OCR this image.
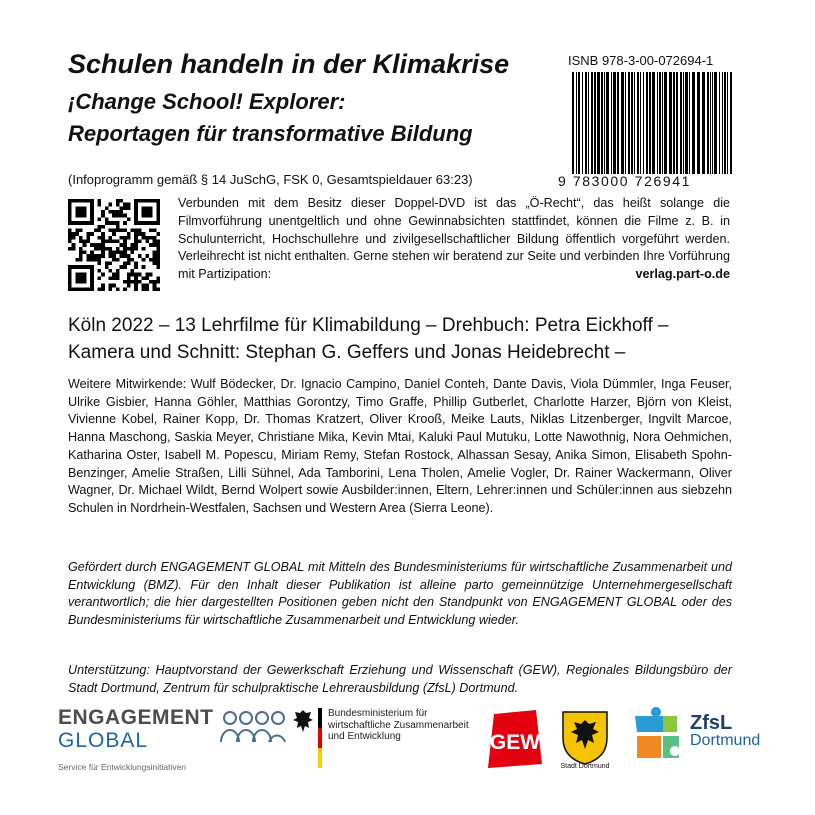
Schulen handeln in der Klimakrise
¡Change School! Explorer:
Reportagen für transformative Bildung
(Infoprogramm gemäß § 14 JuSchG, FSK 0, Gesamtspieldauer 63:23)
ISNB 978-3-00-072694-1
9 783000 726941
Verbunden mit dem Besitz dieser Doppel-DVD ist das „Ö-Recht“, das heißt solange die Filmvorführung unentgeltlich und ohne Gewinnabsichten stattfindet, können die Filme z. B. in Schulunterricht, Hochschullehre und zivilgesellschaftlicher Bildung öffentlich vorgeführt werden. Verleihrecht ist nicht enthalten. Gerne stehen wir beratend zur Seite und verbinden Ihre Vorführung mit Partizipation:	verlag.part-o.de
Köln 2022 – 13 Lehrfilme für Klimabildung – Drehbuch: Petra Eickhoff –
Kamera und Schnitt: Stephan G. Geffers und Jonas Heidebrecht –
Weitere Mitwirkende: Wulf Bödecker, Dr. Ignacio Campino, Daniel Conteh, Dante Davis, Viola Dümmler, Inga Feuser, Ulrike Gisbier, Hanna Göhler, Matthias Gorontzy, Timo Graffe, Phillip Gutberlet, Charlotte Harzer, Björn von Kleist, Vivienne Kobel, Rainer Kopp, Dr. Thomas Kratzert, Oliver Krooß, Meike Lauts, Niklas Litzenberger, Ingvilt Marcoe, Hanna Maschong, Saskia Meyer, Christiane Mika, Kevin Mtai, Kaluki Paul Mutuku, Lotte Nawothnig, Nora Oehmichen, Katharina Oster, Isabell M. Popescu, Miriam Remy, Stefan Rostock, Alhassan Sesay, Anika Simon, Elisabeth Spohn-Benzinger, Amelie Straßen, Lilli Sühnel, Ada Tamborini, Lena Tholen, Amelie Vogler, Dr. Rainer Wackermann, Oliver Wagner, Dr. Michael Wildt, Bernd Wolpert sowie Ausbilder:innen, Eltern, Lehrer:innen und Schüler:innen aus siebzehn Schulen in Nordrhein-Westfalen, Sachsen und Western Area (Sierra Leone).
Gefördert durch ENGAGEMENT GLOBAL mit Mitteln des Bundesministeriums für wirtschaftliche Zusammenarbeit und Entwicklung (BMZ). Für den Inhalt dieser Publikation ist alleine parto gemeinnützige Unternehmergesellschaft verantwortlich; die hier dargestellten Positionen geben nicht den Standpunkt von ENGAGEMENT GLOBAL oder des Bundesministeriums für wirtschaftliche Zusammenarbeit und Entwicklung wieder.
Unterstützung: Hauptvorstand der Gewerkschaft Erziehung und Wissenschaft (GEW), Regionales Bildungsbüro der Stadt Dortmund, Zentrum für schulpraktische Lehrerausbildung (ZfsL) Dortmund.
ENGAGEMENT
GLOBAL
Service für Entwicklungsinitiativen
Bundesministerium für
wirtschaftliche Zusammenarbeit
und Entwicklung	GEW
Stadt Dortmund
ZfsL
Dortmund
